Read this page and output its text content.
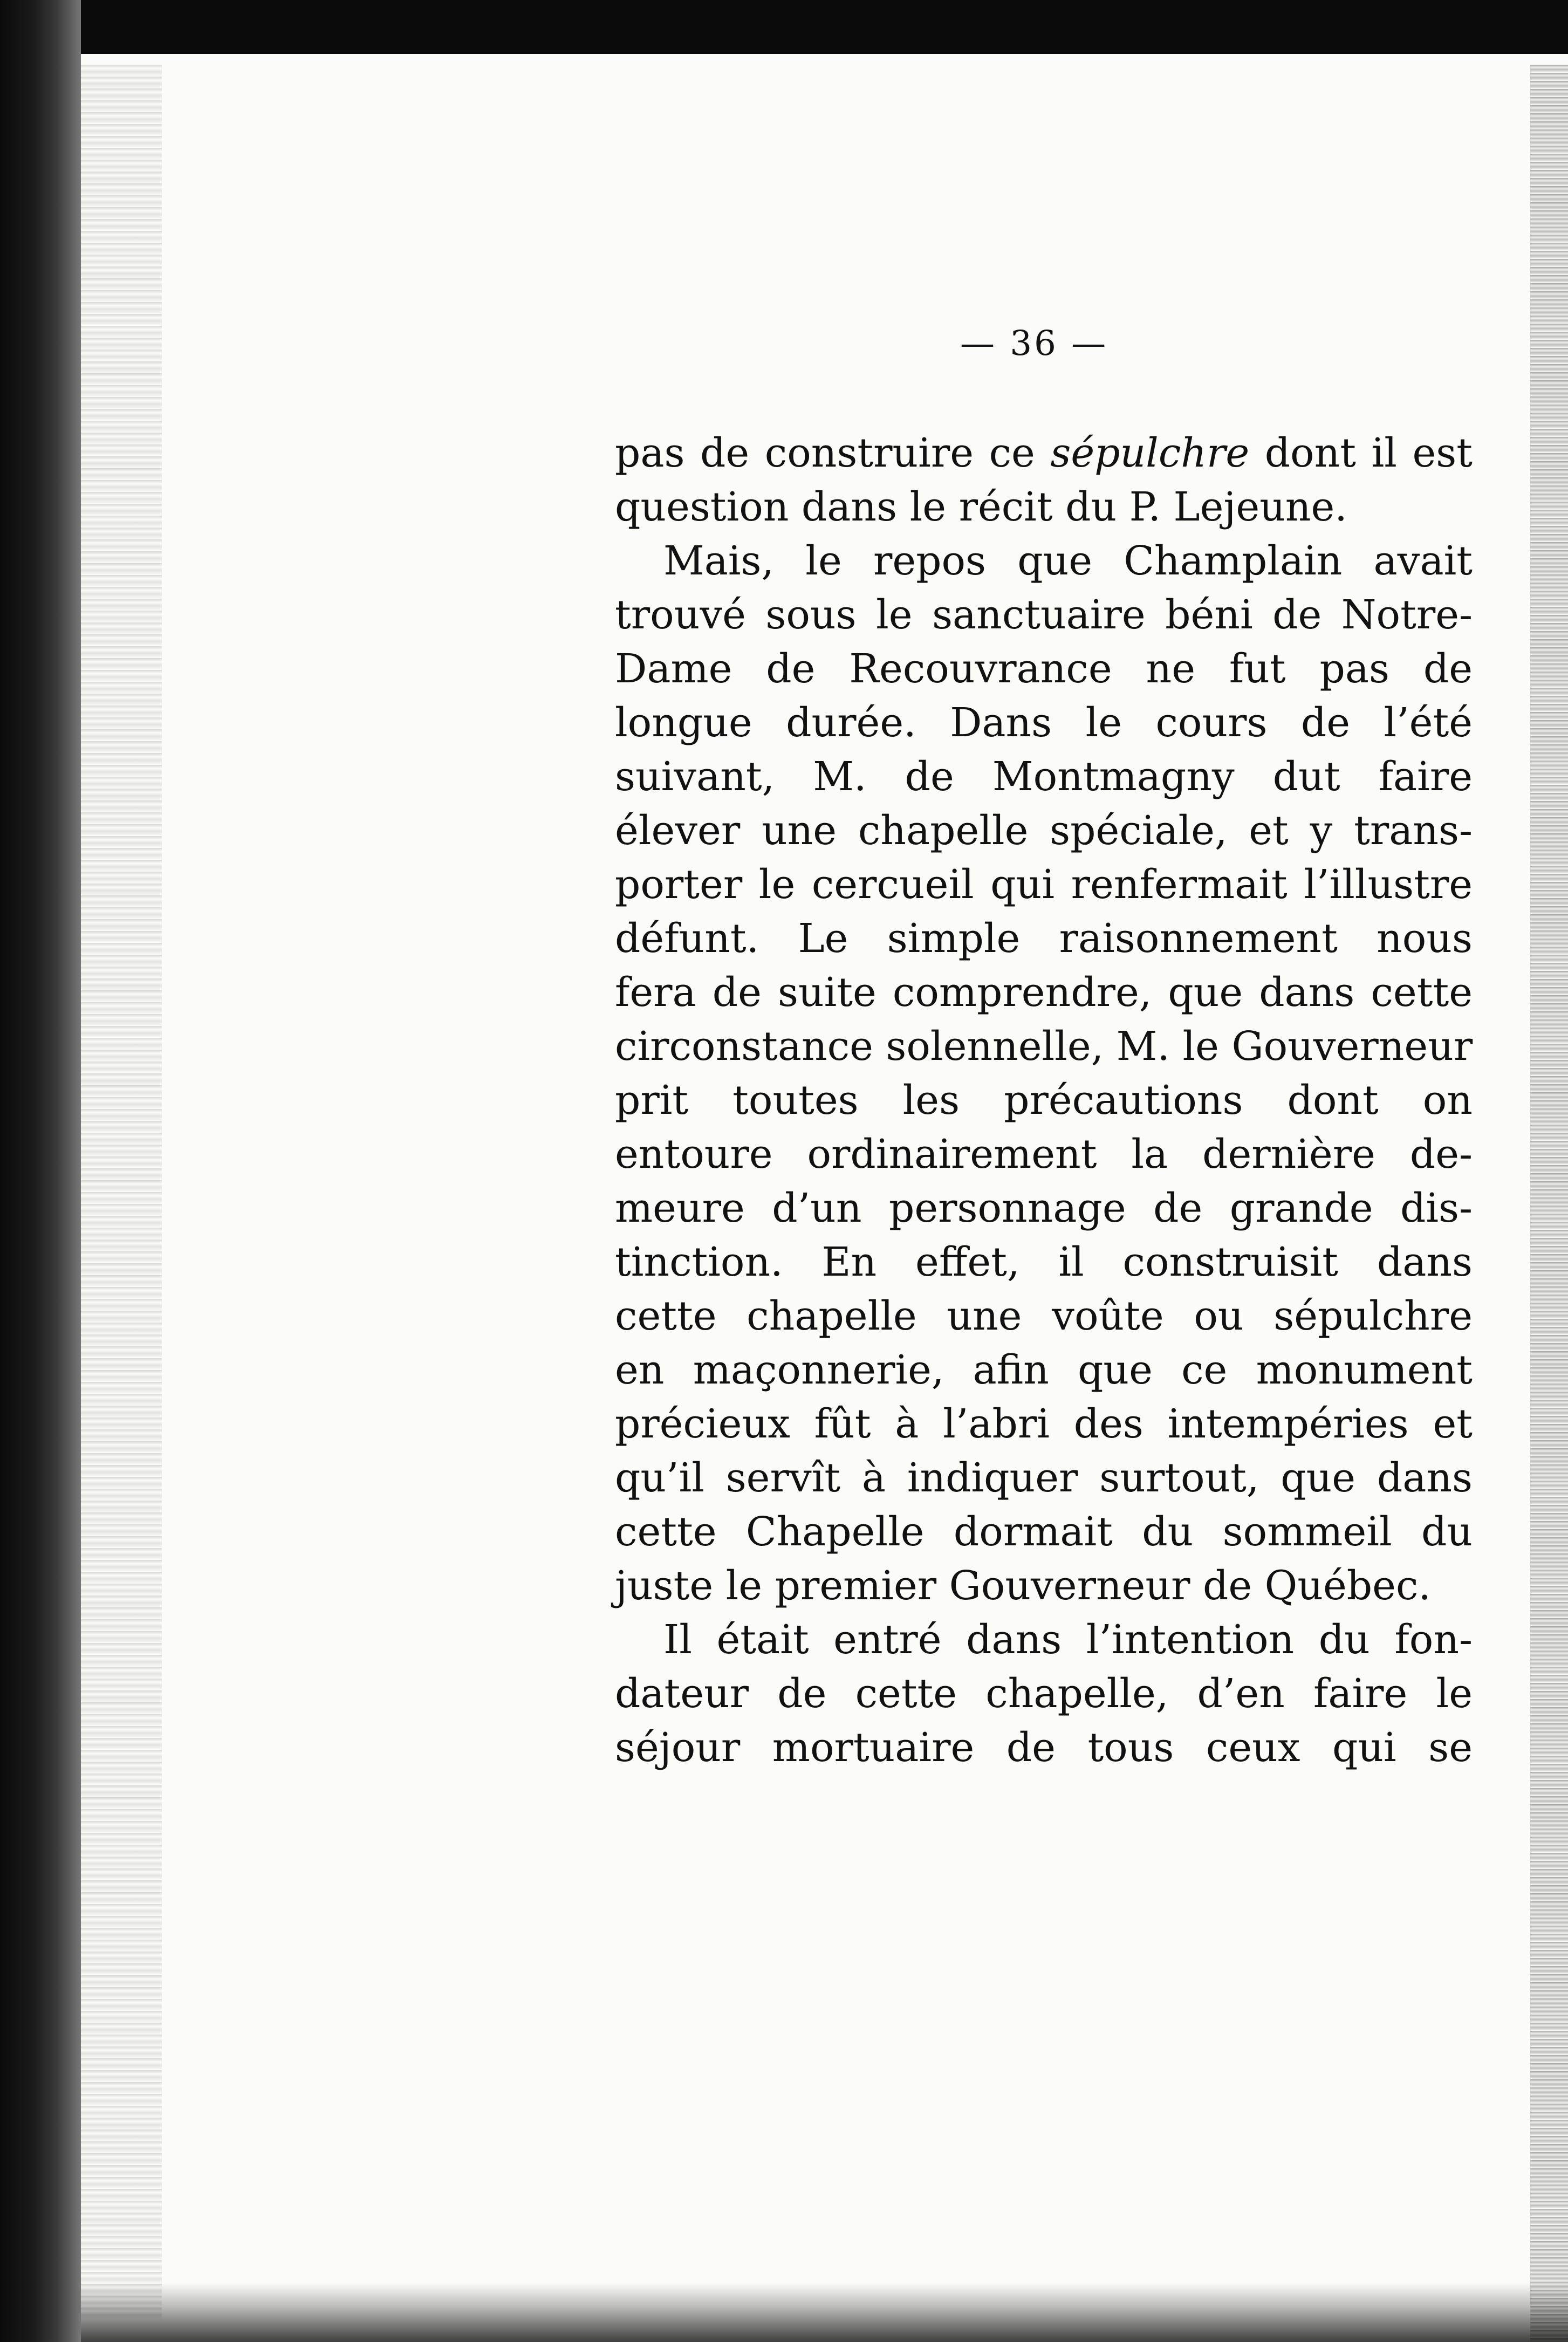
— 36 —
pas de construire ce sépulchre dont il est
question dans le récit du P. Lejeune.
Mais, le repos que Champlain avait
trouvé sous le sanctuaire béni de Notre-
Dame de Recouvrance ne fut pas de
longue durée. Dans le cours de l’été
suivant, M. de Montmagny dut faire
élever une chapelle spéciale, et y trans-
porter le cercueil qui renfermait l’illustre
défunt. Le simple raisonnement nous
fera de suite comprendre, que dans cette
circonstance solennelle, M. le Gouverneur
prit toutes les précautions dont on
entoure ordinairement la dernière de-
meure d’un personnage de grande dis-
tinction. En effet, il construisit dans
cette chapelle une voûte ou sépulchre
en maçonnerie, afin que ce monument
précieux fût à l’abri des intempéries et
qu’il servît à indiquer surtout, que dans
cette Chapelle dormait du sommeil du
juste le premier Gouverneur de Québec.
Il était entré dans l’intention du fon-
dateur de cette chapelle, d’en faire le
séjour mortuaire de tous ceux qui se
